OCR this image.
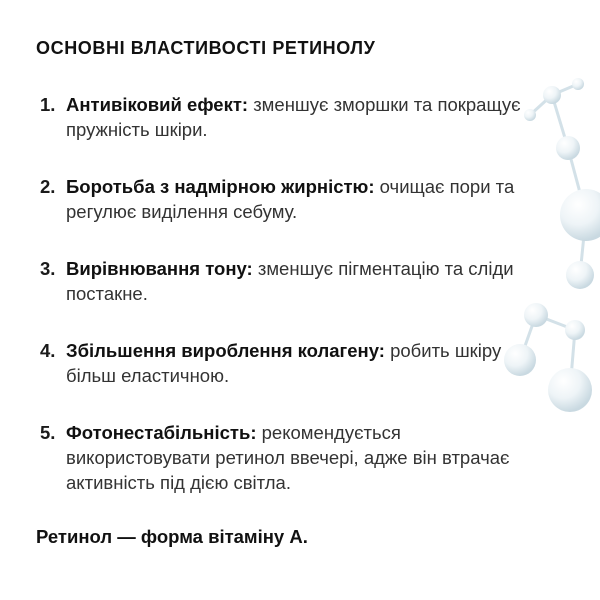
ОСНОВНІ ВЛАСТИВОСТІ РЕТИНОЛУ
1. Антивіковий ефект: зменшує зморшки та покращує пружність шкіри.
2. Боротьба з надмірною жирністю: очищає пори та регулює виділення себуму.
3. Вирівнювання тону: зменшує пігментацію та сліди постакне.
4. Збільшення вироблення колагену: робить шкіру більш еластичною.
5. Фотонестабільність: рекомендується використовувати ретинол ввечері, адже він втрачає активність під дією світла.
Ретинол — форма вітаміну А.
